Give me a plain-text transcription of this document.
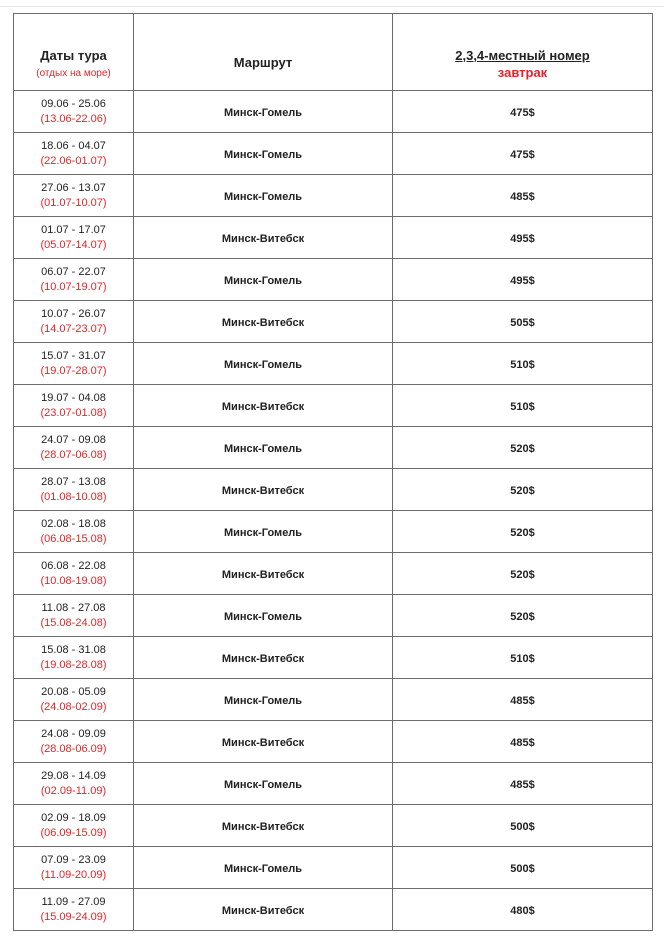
Даты тура
(отдых на море)	Маршрут	2,3,4-местный номер
завтрак

09.06 - 25.06
(13.06-22.06)	Минск-Гомель	475$

18.06 - 04.07
(22.06-01.07)	Минск-Гомель	475$

27.06 - 13.07
(01.07-10.07)	Минск-Гомель	485$

01.07 - 17.07
(05.07-14.07)	Минск-Витебск	495$

06.07 - 22.07
(10.07-19.07)	Минск-Гомель	495$

10.07 - 26.07
(14.07-23.07)	Минск-Витебск	505$

15.07 - 31.07
(19.07-28.07)	Минск-Гомель	510$

19.07 - 04.08
(23.07-01.08)	Минск-Витебск	510$

24.07 - 09.08
(28.07-06.08)	Минск-Гомель	520$

28.07 - 13.08
(01.08-10.08)	Минск-Витебск	520$

02.08 - 18.08
(06.08-15.08)	Минск-Гомель	520$

06.08 - 22.08
(10.08-19.08)	Минск-Витебск	520$

11.08 - 27.08
(15.08-24.08)	Минск-Гомель	520$

15.08 - 31.08
(19.08-28.08)	Минск-Витебск	510$

20.08 - 05.09
(24.08-02.09)	Минск-Гомель	485$

24.08 - 09.09
(28.08-06.09)	Минск-Витебск	485$

29.08 - 14.09
(02.09-11.09)	Минск-Гомель	485$

02.09 - 18.09
(06.09-15.09)	Минск-Витебск	500$

07.09 - 23.09
(11.09-20.09)	Минск-Гомель	500$

11.09 - 27.09
(15.09-24.09)	Минск-Витебск	480$
